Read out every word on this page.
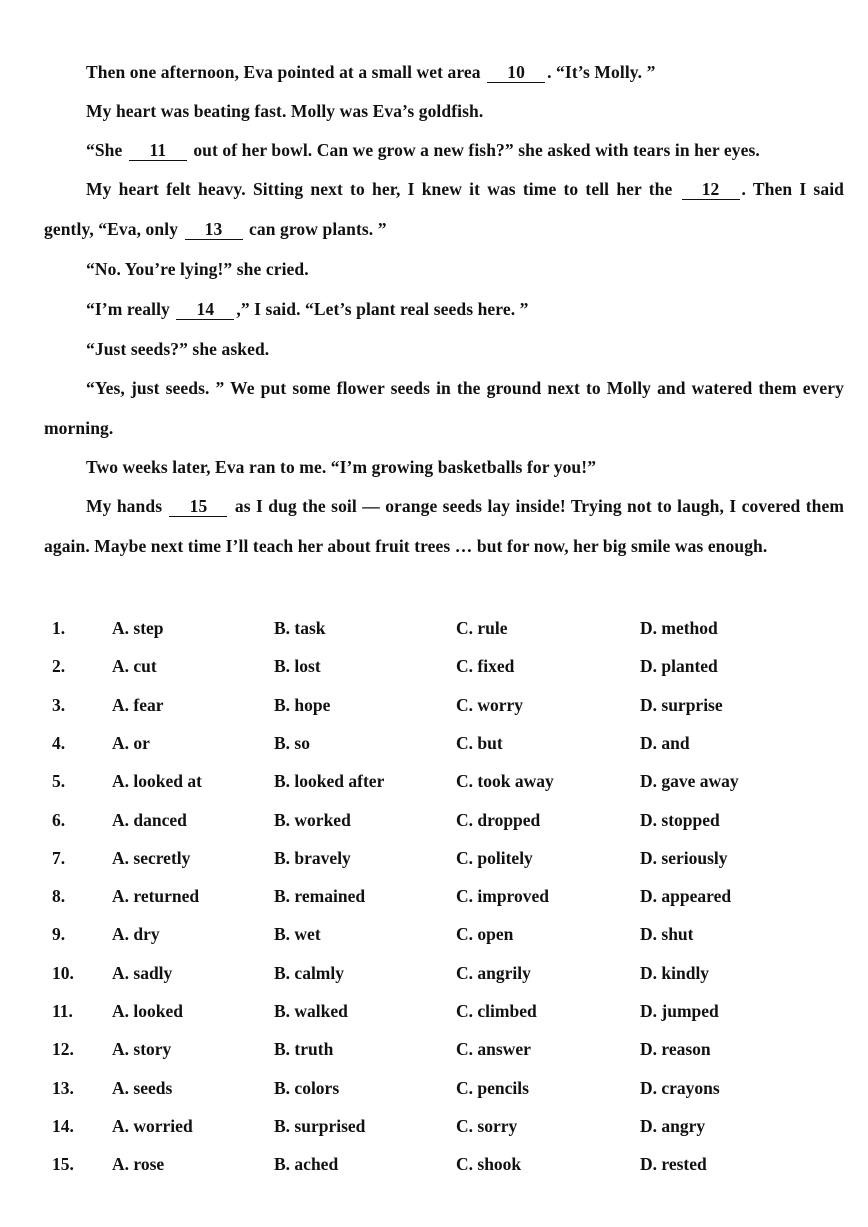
Then one afternoon, Eva pointed at a small wet area 10 . “It’s Molly. ”
My heart was beating fast. Molly was Eva’s goldfish.
“She 11 out of her bowl. Can we grow a new fish?” she asked with tears in her eyes.
My heart felt heavy. Sitting next to her, I knew it was time to tell her the 12 . Then I said gently, “Eva, only 13 can grow plants. ”
“No. You’re lying!” she cried.
“I’m really 14 ,” I said. “Let’s plant real seeds here. ”
“Just seeds?” she asked.
“Yes, just seeds. ” We put some flower seeds in the ground next to Molly and watered them every morning.
Two weeks later, Eva ran to me. “I’m growing basketballs for you!”
My hands 15 as I dug the soil — orange seeds lay inside! Trying not to laugh, I covered them again. Maybe next time I’ll teach her about fruit trees … but for now, her big smile was enough.
1.	A. step	B. task	C. rule	D. method
2.	A. cut	B. lost	C. fixed	D. planted
3.	A. fear	B. hope	C. worry	D. surprise
4.	A. or	B. so	C. but	D. and
5.	A. looked at	B. looked after	C. took away	D. gave away
6.	A. danced	B. worked	C. dropped	D. stopped
7.	A. secretly	B. bravely	C. politely	D. seriously
8.	A. returned	B. remained	C. improved	D. appeared
9.	A. dry	B. wet	C. open	D. shut
10. A. sadly	B. calmly	C. angrily	D. kindly
11. A. looked	B. walked	C. climbed	D. jumped
12. A. story	B. truth	C. answer	D. reason
13. A. seeds	B. colors	C. pencils	D. crayons
14. A. worried	B. surprised	C. sorry	D. angry
15. A. rose	B. ached	C. shook	D. rested
